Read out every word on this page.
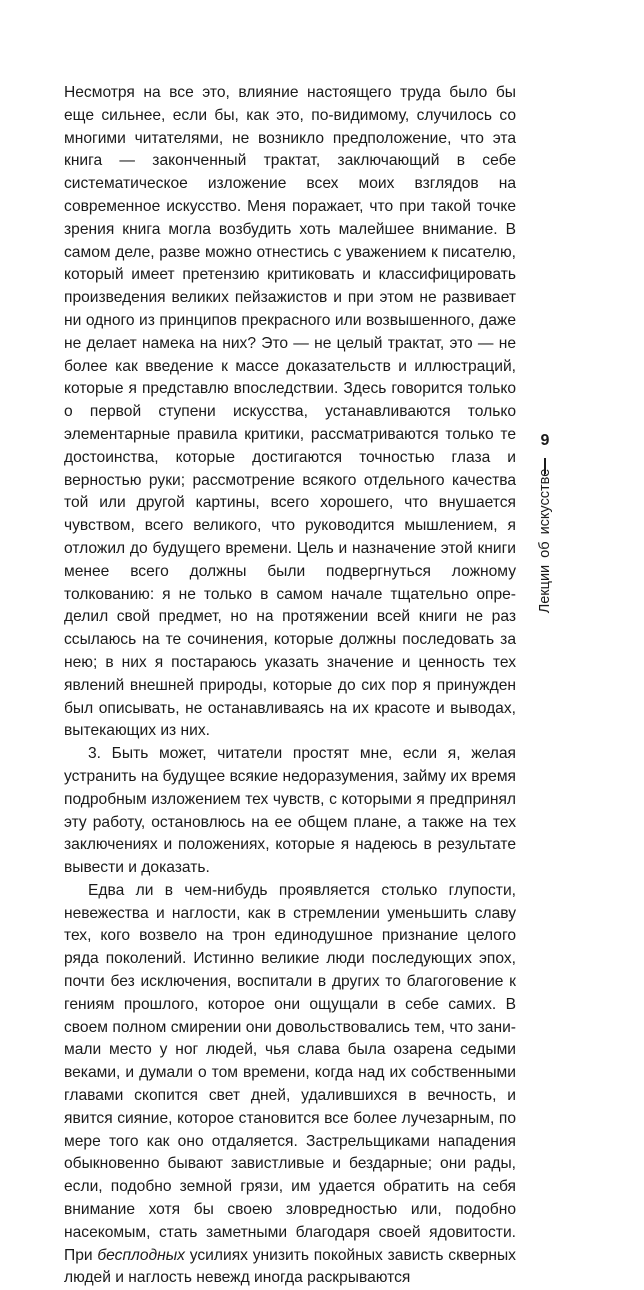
Несмотря на все это, влияние настоящего труда было бы еще сильнее, если бы, как это, по-видимому, случилось со многими читателями, не возникло предположение, что эта книга — законченный трактат, заключающий в себе систематическое изложение всех моих взглядов на современное искусство. Меня поражает, что при такой точке зрения книга могла возбудить хоть малейшее внимание. В самом деле, разве можно отнестись с уважением к писателю, который имеет претензию критиковать и классифицировать произведения великих пейзажистов и при этом не развивает ни одного из принципов прекрасного или возвышенного, даже не делает намека на них? Это — не целый трактат, это — не более как введение к массе доказательств и иллюстраций, которые я представлю впоследствии. Здесь говорится только о первой ступени искусства, устанавливаются только элементарные правила критики, рассматриваются только те достоинства, которые достигаются точностью глаза и верностью руки; рассмотрение всякого отдельного качества той или другой картины, всего хорошего, что внушается чувством, всего великого, что руководится мышлением, я отложил до будущего времени. Цель и назначение этой книги менее всего должны были подвергнуться ложному толкованию: я не только в самом начале тщательно определил свой предмет, но на протяжении всей книги не раз ссылаюсь на те сочинения, которые должны последовать за нею; в них я постараюсь указать значение и ценность тех явлений внешней природы, которые до сих пор я принужден был описывать, не останавливаясь на их красоте и выводах, вытекающих из них.

3. Быть может, читатели простят мне, если я, желая устранить на будущее всякие недоразумения, займу их время подробным изложением тех чувств, с которыми я предпринял эту работу, остановлюсь на ее общем плане, а также на тех заключениях и положениях, которые я надеюсь в результате вывести и доказать.

Едва ли в чем-нибудь проявляется столько глупости, невежества и наглости, как в стремлении уменьшить славу тех, кого возвело на трон единодушное признание целого ряда поколений. Истинно великие люди последующих эпох, почти без исключения, воспитали в других то благоговение к гениям прошлого, которое они ощущали в себе самих. В своем полном смирении они довольствовались тем, что занимали место у ног людей, чья слава была озарена седыми веками, и думали о том времени, когда над их собственными главами скопится свет дней, удалившихся в вечность, и явится сияние, которое становится все более лучезарным, по мере того как оно отдаляется. Застрельщиками нападения обыкновенно бывают завистливые и бездарные; они рады, если, подобно земной грязи, им удается обратить на себя внимание хотя бы своею зловредностью или, подобно насекомым, стать заметными благодаря своей ядовитости. При бесплодных усилиях унизить покойных зависть скверных людей и наглость невежд иногда раскрываются

9
Лекции об искусстве
